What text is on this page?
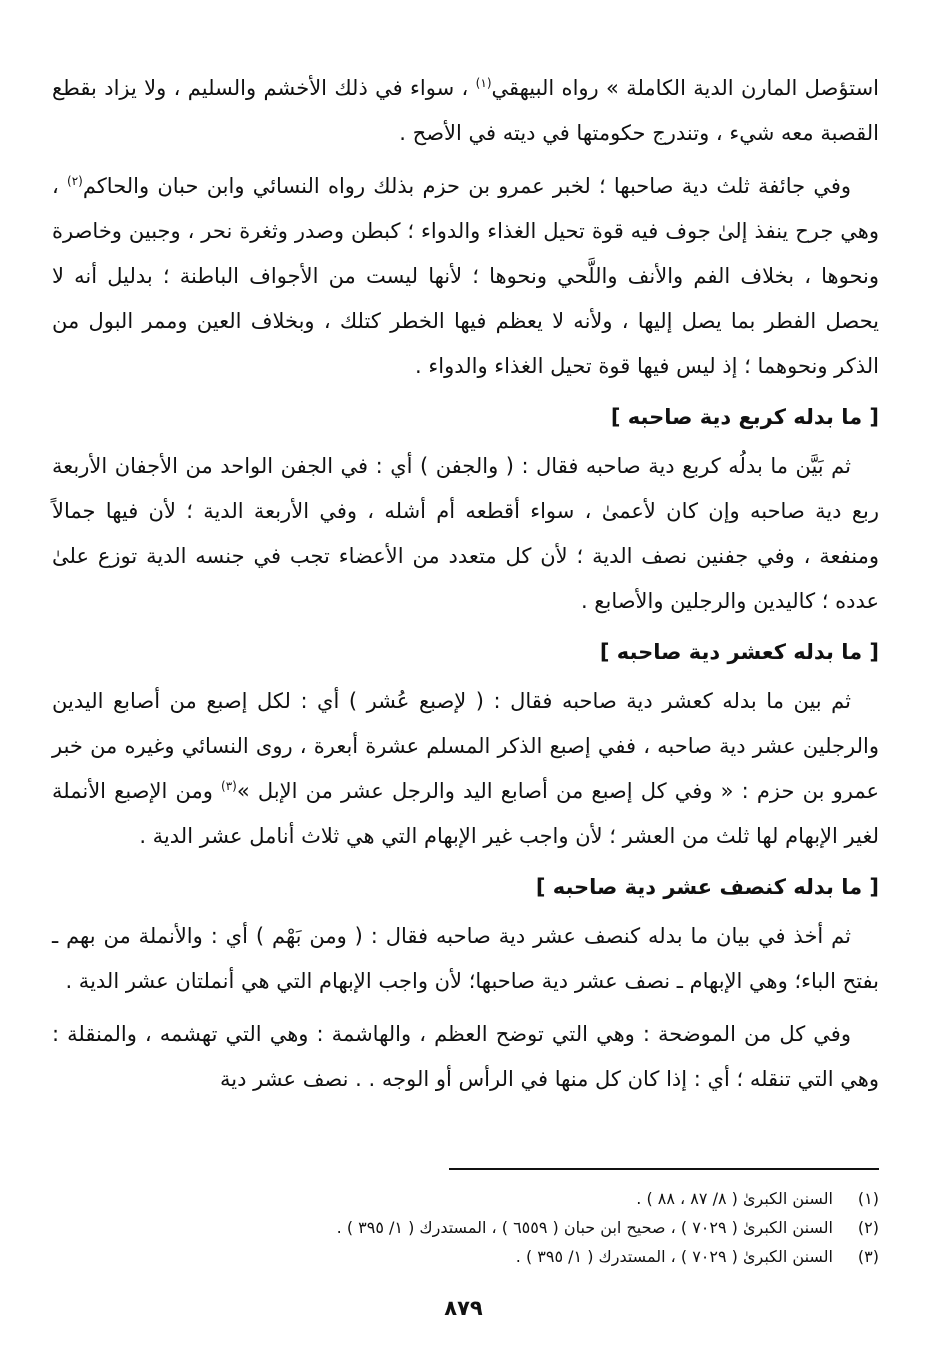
استؤصل المارن الدية الكاملة » رواه البيهقي$^{(١)}$ ، سواء في ذلك الأخشم والسليم ، ولا يزاد بقطع القصبة معه شيء ، وتندرج حكومتها في ديته في الأصح .

وفي جائفة ثلث دية صاحبها ؛ لخبر عمرو بن حزم بذلك رواه النسائي وابن حبان والحاكم$^{(٢)}$ ، وهي جرح ينفذ إلىٰ جوف فيه قوة تحيل الغذاء والدواء ؛ كبطن وصدر وثغرة نحر ، وجبين وخاصرة ونحوها ، بخلاف الفم والأنف واللَّحي ونحوها ؛ لأنها ليست من الأجواف الباطنة ؛ بدليل أنه لا يحصل الفطر بما يصل إليها ، ولأنه لا يعظم فيها الخطر كتلك ، وبخلاف العين وممر البول من الذكر ونحوهما ؛ إذ ليس فيها قوة تحيل الغذاء والدواء .

[ ما بدله كربع دية صاحبه ]

ثم بَيَّن ما بدلُه كربع دية صاحبه فقال : ( والجفن ) أي : في الجفن الواحد من الأجفان الأربعة ربع دية صاحبه وإن كان لأعمىٰ ، سواء أقطعه أم أشله ، وفي الأربعة الدية ؛ لأن فيها جمالاً ومنفعة ، وفي جفنين نصف الدية ؛ لأن كل متعدد من الأعضاء تجب في جنسه الدية توزع علىٰ عدده ؛ كاليدين والرجلين والأصابع .

[ ما بدله كعشر دية صاحبه ]

ثم بين ما بدله كعشر دية صاحبه فقال : ( لإصبع عُشر ) أي : لكل إصبع من أصابع اليدين والرجلين عشر دية صاحبه ، ففي إصبع الذكر المسلم عشرة أبعرة ، روى النسائي وغيره من خبر عمرو بن حزم : « وفي كل إصبع من أصابع اليد والرجل عشر من الإبل »$^{(٣)}$ ومن الإصبع الأنملة لغير الإبهام لها ثلث من العشر ؛ لأن واجب غير الإبهام التي هي ثلاث أنامل عشر الدية .

[ ما بدله كنصف عشر دية صاحبه ]

ثم أخذ في بيان ما بدله كنصف عشر دية صاحبه فقال : ( ومن بَهْم ) أي : والأنملة من بهم ـ بفتح الباء؛ وهي الإبهام ـ نصف عشر دية صاحبها؛ لأن واجب الإبهام التي هي أنملتان عشر الدية .

وفي كل من الموضحة : وهي التي توضح العظم ، والهاشمة : وهي التي تهشمه ، والمنقلة : وهي التي تنقله ؛ أي : إذا كان كل منها في الرأس أو الوجه . . نصف عشر دية

(١)
السنن الكبرىٰ ( ٨/ ٨٧ ، ٨٨ ) .
(٢)
السنن الكبرىٰ ( ٧٠٢٩ ) ، صحيح ابن حبان ( ٦٥٥٩ ) ، المستدرك ( ١/ ٣٩٥ ) .
(٣)
السنن الكبرىٰ ( ٧٠٢٩ ) ، المستدرك ( ١/ ٣٩٥ ) .
٨٧٩
